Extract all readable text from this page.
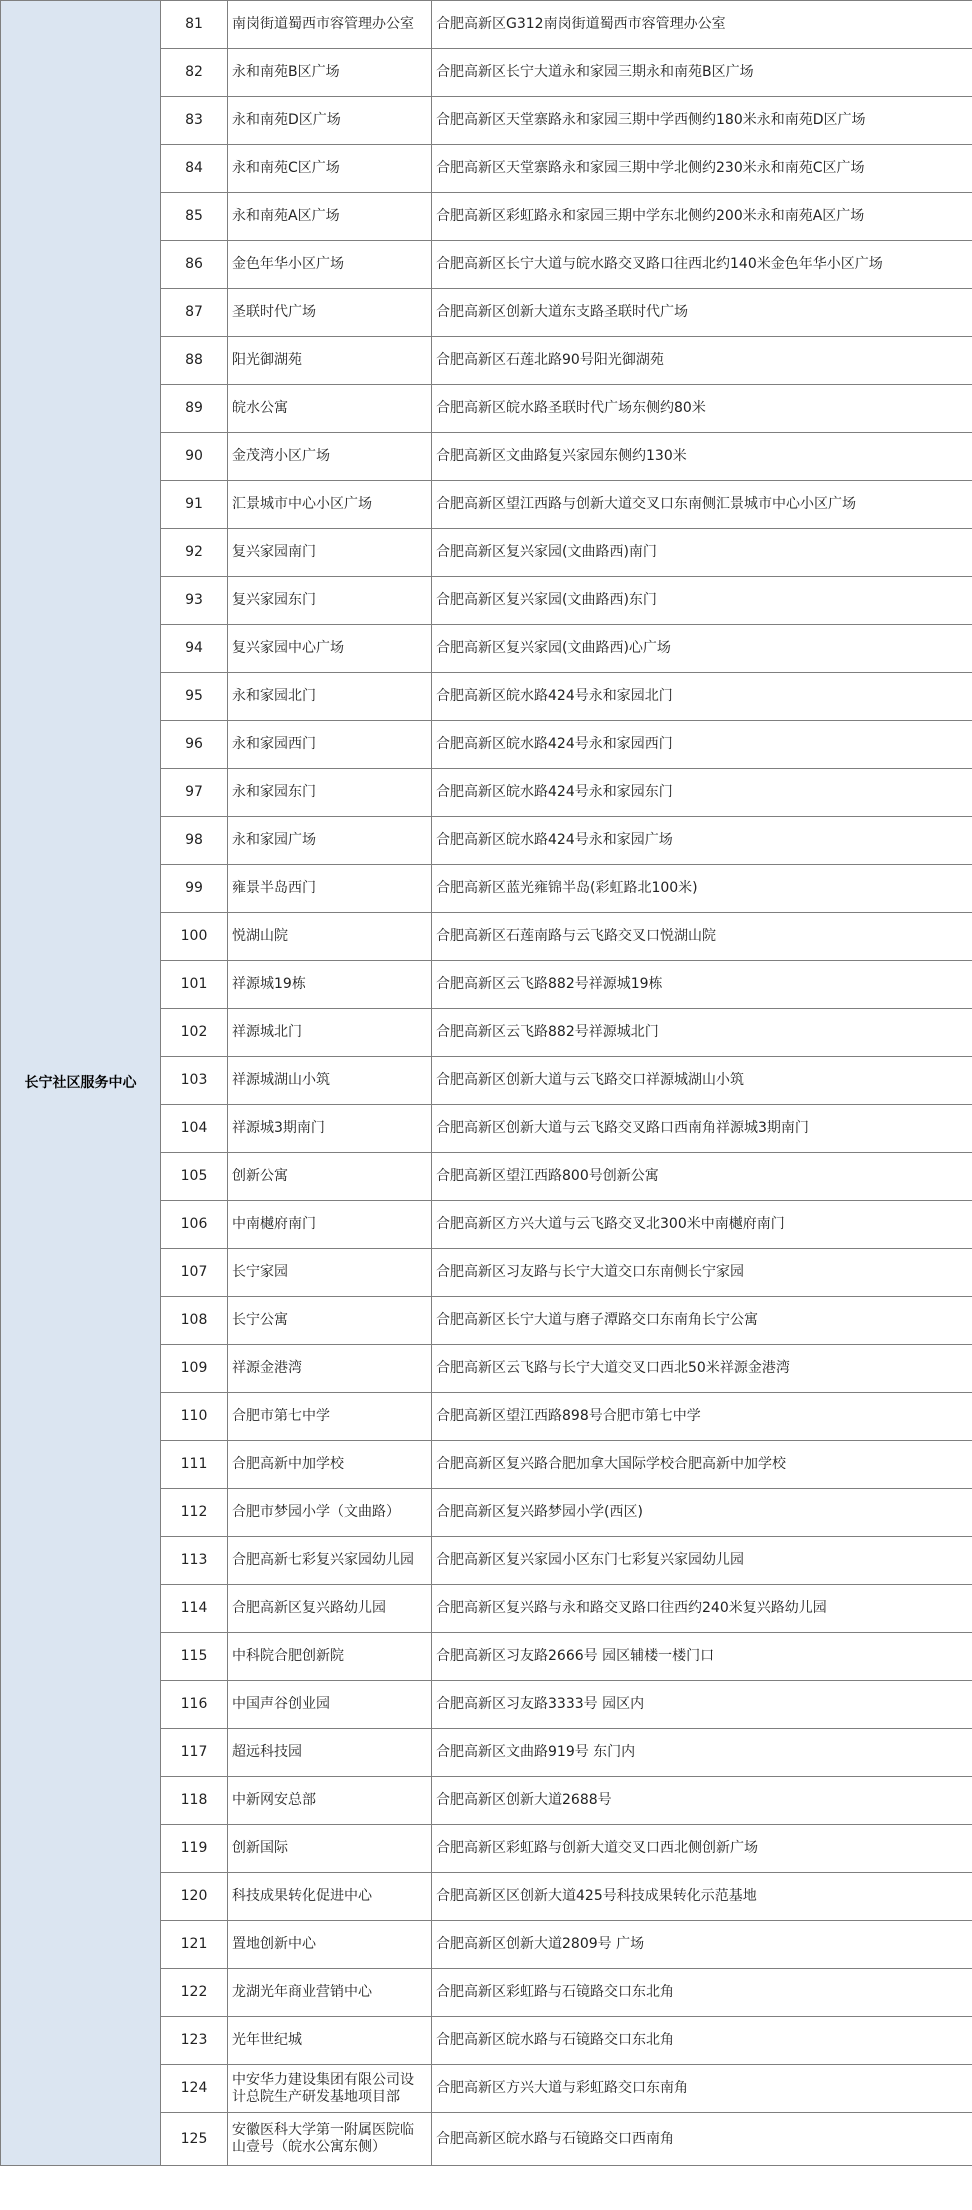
长宁社区服务中心	81	南岗街道蜀西市容管理办公室	合肥高新区G312南岗街道蜀西市容管理办公室
	82	永和南苑B区广场	合肥高新区长宁大道永和家园三期永和南苑B区广场
	83	永和南苑D区广场	合肥高新区天堂寨路永和家园三期中学西侧约180米永和南苑D区广场
	84	永和南苑C区广场	合肥高新区天堂寨路永和家园三期中学北侧约230米永和南苑C区广场
	85	永和南苑A区广场	合肥高新区彩虹路永和家园三期中学东北侧约200米永和南苑A区广场
	86	金色年华小区广场	合肥高新区长宁大道与皖水路交叉路口往西北约140米金色年华小区广场
	87	圣联时代广场	合肥高新区创新大道东支路圣联时代广场
	88	阳光御湖苑	合肥高新区石莲北路90号阳光御湖苑
	89	皖水公寓	合肥高新区皖水路圣联时代广场东侧约80米
	90	金茂湾小区广场	合肥高新区文曲路复兴家园东侧约130米
	91	汇景城市中心小区广场	合肥高新区望江西路与创新大道交叉口东南侧汇景城市中心小区广场
	92	复兴家园南门	合肥高新区复兴家园(文曲路西)南门
	93	复兴家园东门	合肥高新区复兴家园(文曲路西)东门
	94	复兴家园中心广场	合肥高新区复兴家园(文曲路西)心广场
	95	永和家园北门	合肥高新区皖水路424号永和家园北门
	96	永和家园西门	合肥高新区皖水路424号永和家园西门
	97	永和家园东门	合肥高新区皖水路424号永和家园东门
	98	永和家园广场	合肥高新区皖水路424号永和家园广场
	99	雍景半岛西门	合肥高新区蓝光雍锦半岛(彩虹路北100米)
	100	悦湖山院	合肥高新区石莲南路与云飞路交叉口悦湖山院
	101	祥源城19栋	合肥高新区云飞路882号祥源城19栋
	102	祥源城北门	合肥高新区云飞路882号祥源城北门
	103	祥源城湖山小筑	合肥高新区创新大道与云飞路交口祥源城湖山小筑
	104	祥源城3期南门	合肥高新区创新大道与云飞路交叉路口西南角祥源城3期南门
	105	创新公寓	合肥高新区望江西路800号创新公寓
	106	中南樾府南门	合肥高新区方兴大道与云飞路交叉北300米中南樾府南门
	107	长宁家园	合肥高新区习友路与长宁大道交口东南侧长宁家园
	108	长宁公寓	合肥高新区长宁大道与磨子潭路交口东南角长宁公寓
	109	祥源金港湾	合肥高新区云飞路与长宁大道交叉口西北50米祥源金港湾
	110	合肥市第七中学	合肥高新区望江西路898号合肥市第七中学
	111	合肥高新中加学校	合肥高新区复兴路合肥加拿大国际学校合肥高新中加学校
	112	合肥市梦园小学（文曲路）	合肥高新区复兴路梦园小学(西区)
	113	合肥高新七彩复兴家园幼儿园	合肥高新区复兴家园小区东门七彩复兴家园幼儿园
	114	合肥高新区复兴路幼儿园	合肥高新区复兴路与永和路交叉路口往西约240米复兴路幼儿园
	115	中科院合肥创新院	合肥高新区习友路2666号 园区辅楼一楼门口
	116	中国声谷创业园	合肥高新区习友路3333号 园区内
	117	超远科技园	合肥高新区文曲路919号 东门内
	118	中新网安总部	合肥高新区创新大道2688号
	119	创新国际	合肥高新区彩虹路与创新大道交叉口西北侧创新广场
	120	科技成果转化促进中心	合肥高新区区创新大道425号科技成果转化示范基地
	121	置地创新中心	合肥高新区创新大道2809号 广场
	122	龙湖光年商业营销中心	合肥高新区彩虹路与石镜路交口东北角
	123	光年世纪城	合肥高新区皖水路与石镜路交口东北角
	124	中安华力建设集团有限公司设计总院生产研发基地项目部	合肥高新区方兴大道与彩虹路交口东南角
	125	安徽医科大学第一附属医院临山壹号（皖水公寓东侧）	合肥高新区皖水路与石镜路交口西南角
